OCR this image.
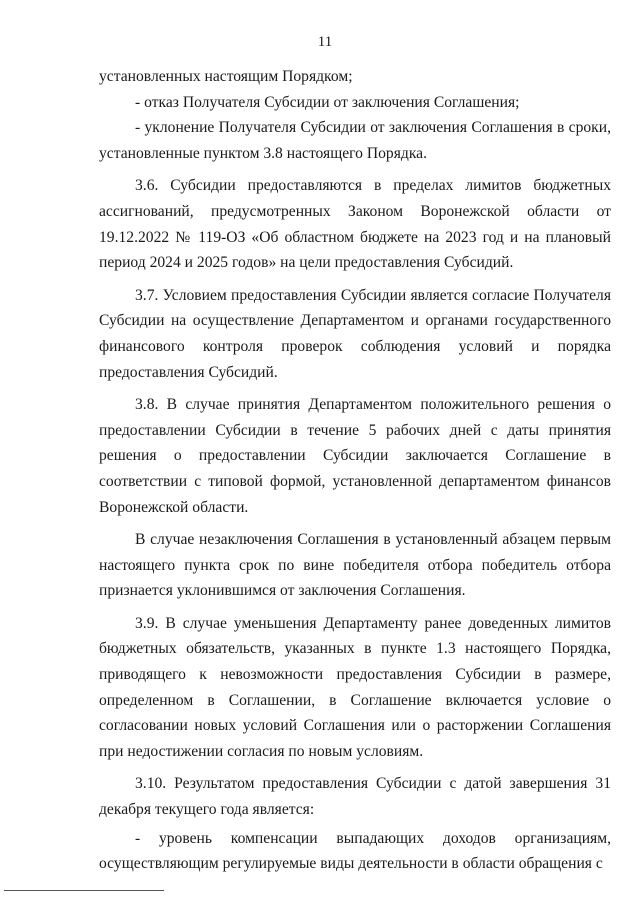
11

установленных настоящим Порядком;

- отказ Получателя Субсидии от заключения Соглашения;

- уклонение Получателя Субсидии от заключения Соглашения в сроки, установленные пунктом 3.8 настоящего Порядка.

3.6. Субсидии предоставляются в пределах лимитов бюджетных ассигнований, предусмотренных Законом Воронежской области от 19.12.2022 № 119-ОЗ «Об областном бюджете на 2023 год и на плановый период 2024 и 2025 годов» на цели предоставления Субсидий.

3.7. Условием предоставления Субсидии является согласие Получателя Субсидии на осуществление Департаментом и органами государственного финансового контроля проверок соблюдения условий и порядка предоставления Субсидий.

3.8. В случае принятия Департаментом положительного решения о предоставлении Субсидии в течение 5 рабочих дней с даты принятия решения о предоставлении Субсидии заключается Соглашение в соответствии с типовой формой, установленной департаментом финансов Воронежской области.

В случае незаключения Соглашения в установленный абзацем первым настоящего пункта срок по вине победителя отбора победитель отбора признается уклонившимся от заключения Соглашения.

3.9. В случае уменьшения Департаменту ранее доведенных лимитов бюджетных обязательств, указанных в пункте 1.3 настоящего Порядка, приводящего к невозможности предоставления Субсидии в размере, определенном в Соглашении, в Соглашение включается условие о согласовании новых условий Соглашения или о расторжении Соглашения при недостижении согласия по новым условиям.

3.10. Результатом предоставления Субсидии с датой завершения 31 декабря текущего года является:

- уровень компенсации выпадающих доходов организациям, осуществляющим регулируемые виды деятельности в области обращения с
